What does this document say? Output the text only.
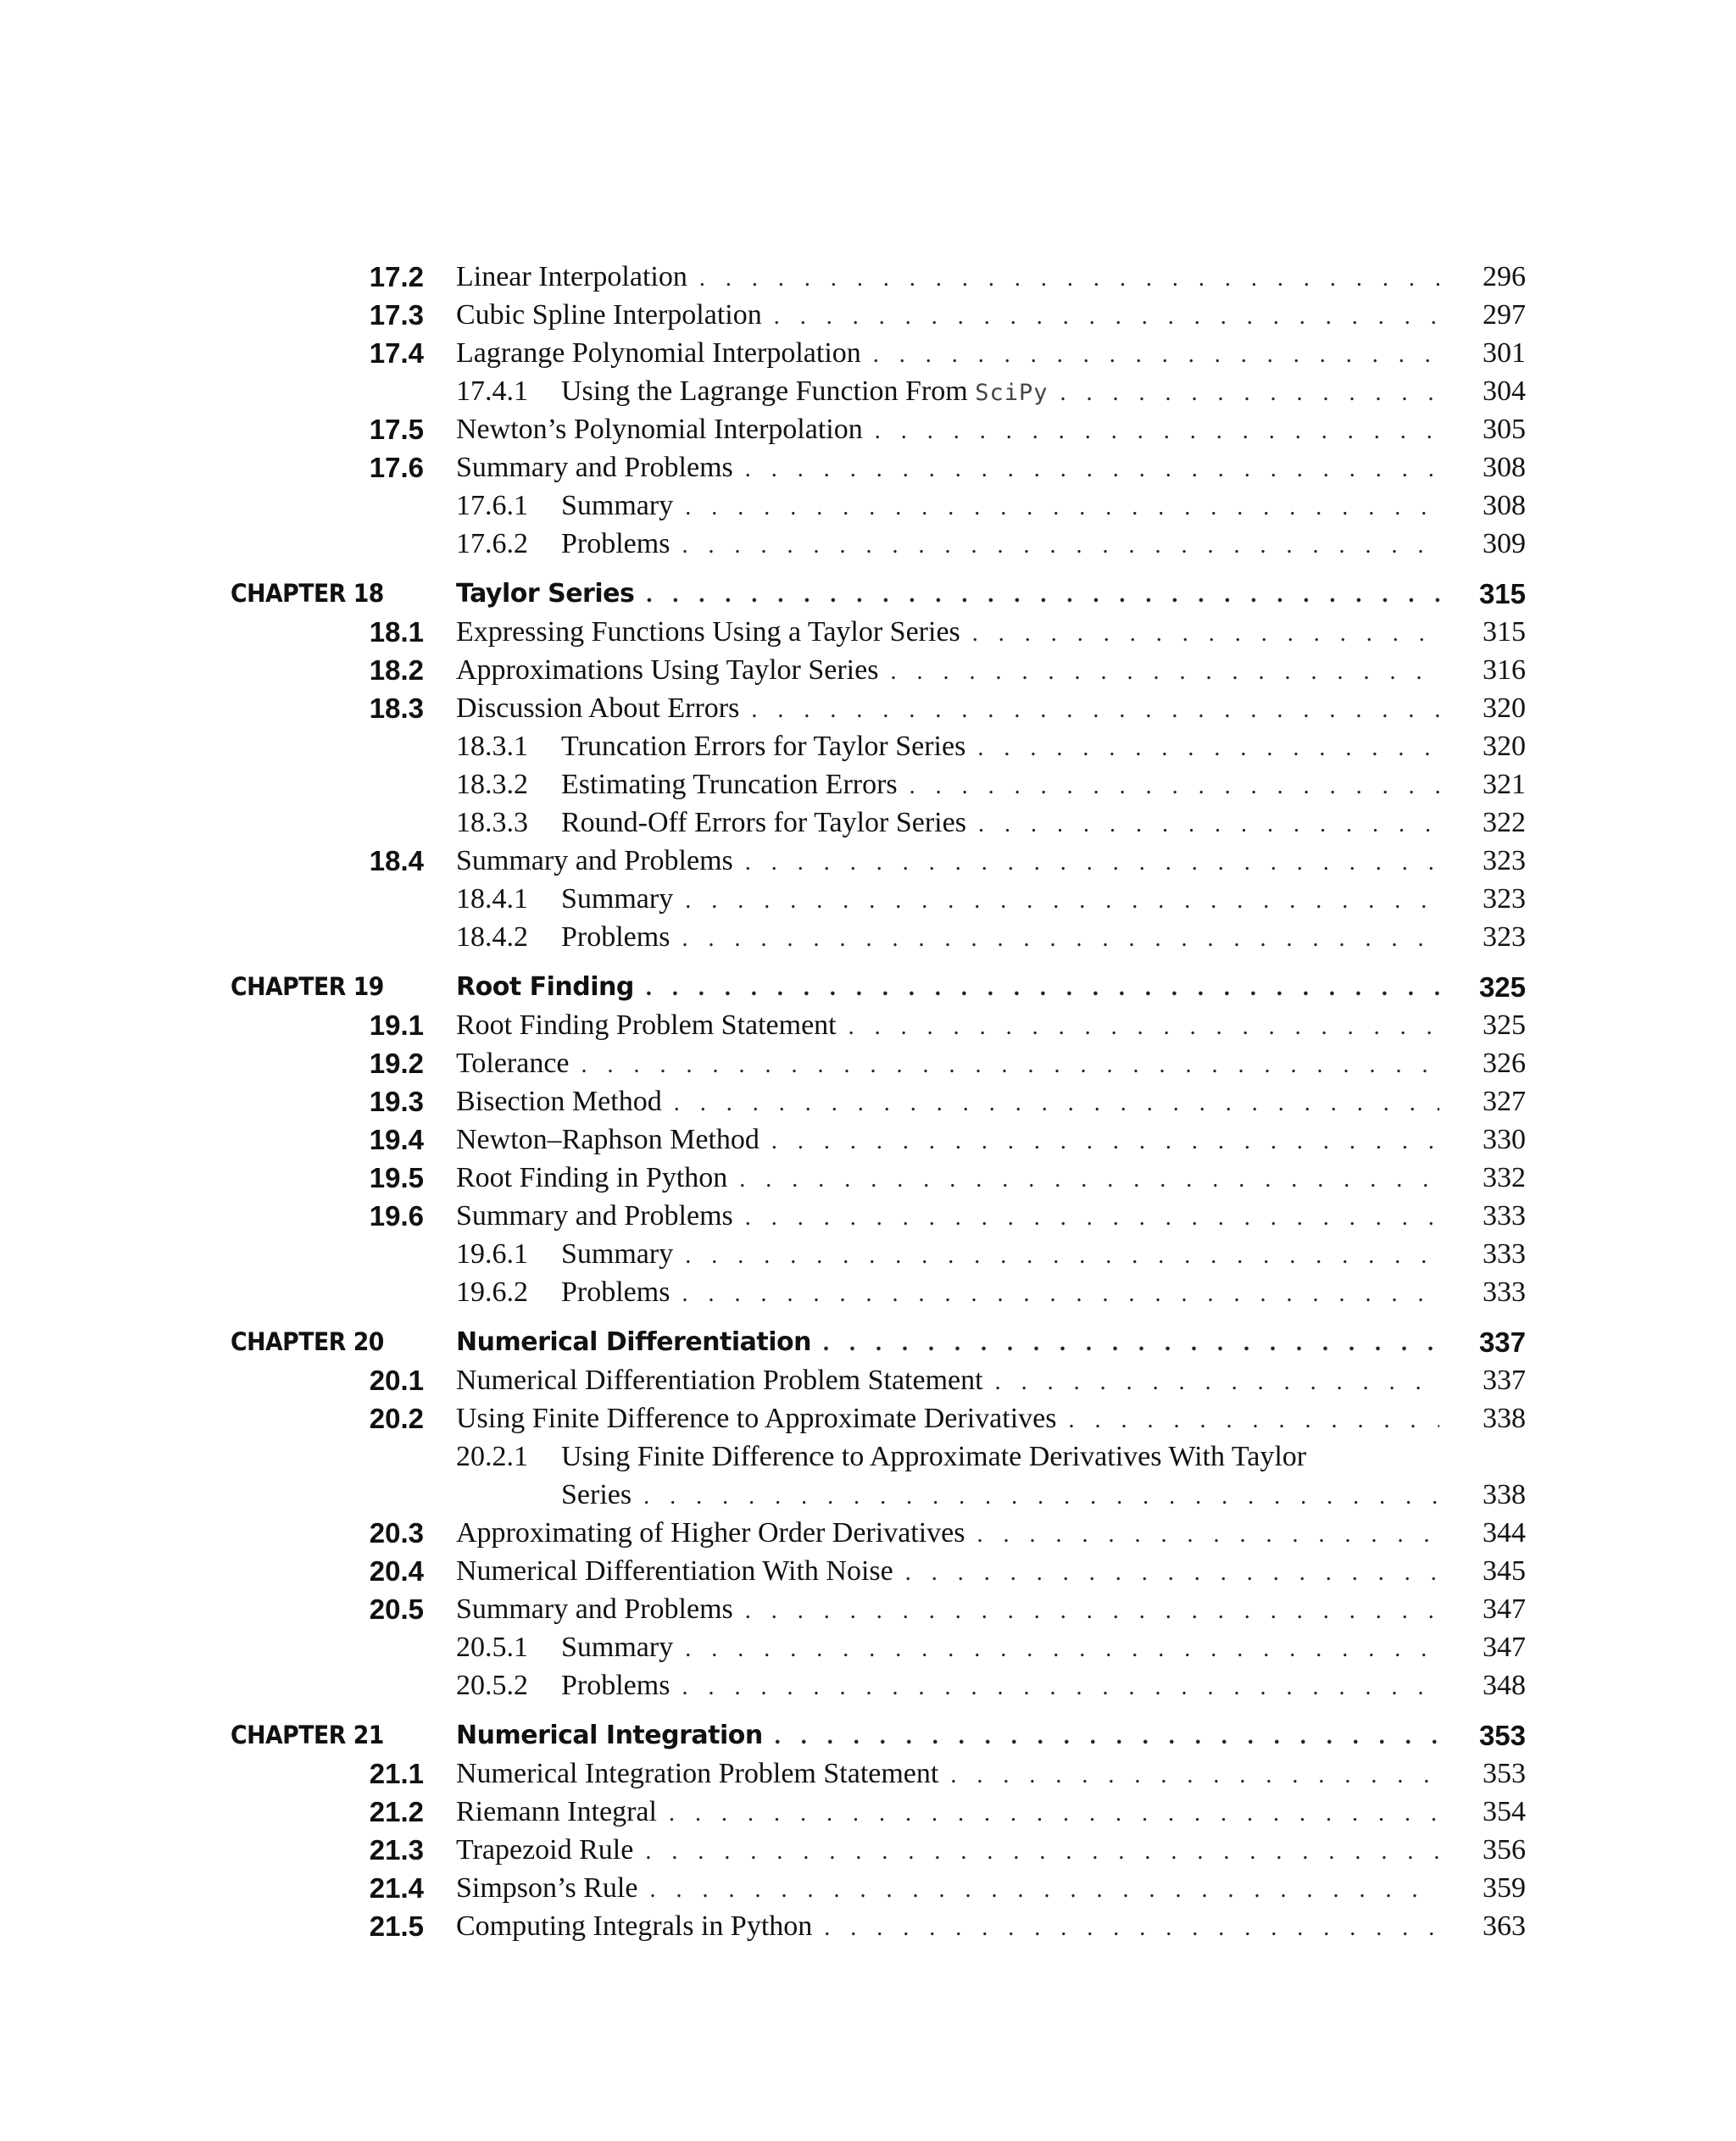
17.2 Linear Interpolation . . .	296
17.3 Cubic Spline Interpolation . . .	297
17.4 Lagrange Polynomial Interpolation . . .	301
17.4.1 Using the Lagrange Function From SciPy . . .	304
17.5 Newton’s Polynomial Interpolation . . .	305
17.6 Summary and Problems . . .	308
17.6.1 Summary . . .	308
17.6.2 Problems . . .	309
CHAPTER 18	Taylor Series . . .	315
18.1 Expressing Functions Using a Taylor Series . . .	315
18.2 Approximations Using Taylor Series . . .	316
18.3 Discussion About Errors . . .	320
18.3.1 Truncation Errors for Taylor Series . . .	320
18.3.2 Estimating Truncation Errors . . .	321
18.3.3 Round-Off Errors for Taylor Series . . .	322
18.4 Summary and Problems . . .	323
18.4.1 Summary . . .	323
18.4.2 Problems . . .	323
CHAPTER 19	Root Finding . . .	325
19.1 Root Finding Problem Statement . . .	325
19.2 Tolerance . . .	326
19.3 Bisection Method . . .	327
19.4 Newton–Raphson Method . . .	330
19.5 Root Finding in Python . . .	332
19.6 Summary and Problems . . .	333
19.6.1 Summary . . .	333
19.6.2 Problems . . .	333
CHAPTER 20	Numerical Differentiation . . .	337
20.1 Numerical Differentiation Problem Statement . . .	337
20.2 Using Finite Difference to Approximate Derivatives . . .	338
20.2.1 Using Finite Difference to Approximate Derivatives With Taylor
Series . . .	338
20.3 Approximating of Higher Order Derivatives . . .	344
20.4 Numerical Differentiation With Noise . . .	345
20.5 Summary and Problems . . .	347
20.5.1 Summary . . .	347
20.5.2 Problems . . .	348
CHAPTER 21	Numerical Integration . . .	353
21.1 Numerical Integration Problem Statement . . .	353
21.2 Riemann Integral . . .	354
21.3 Trapezoid Rule . . .	356
21.4 Simpson’s Rule . . .	359
21.5 Computing Integrals in Python . . .	363
